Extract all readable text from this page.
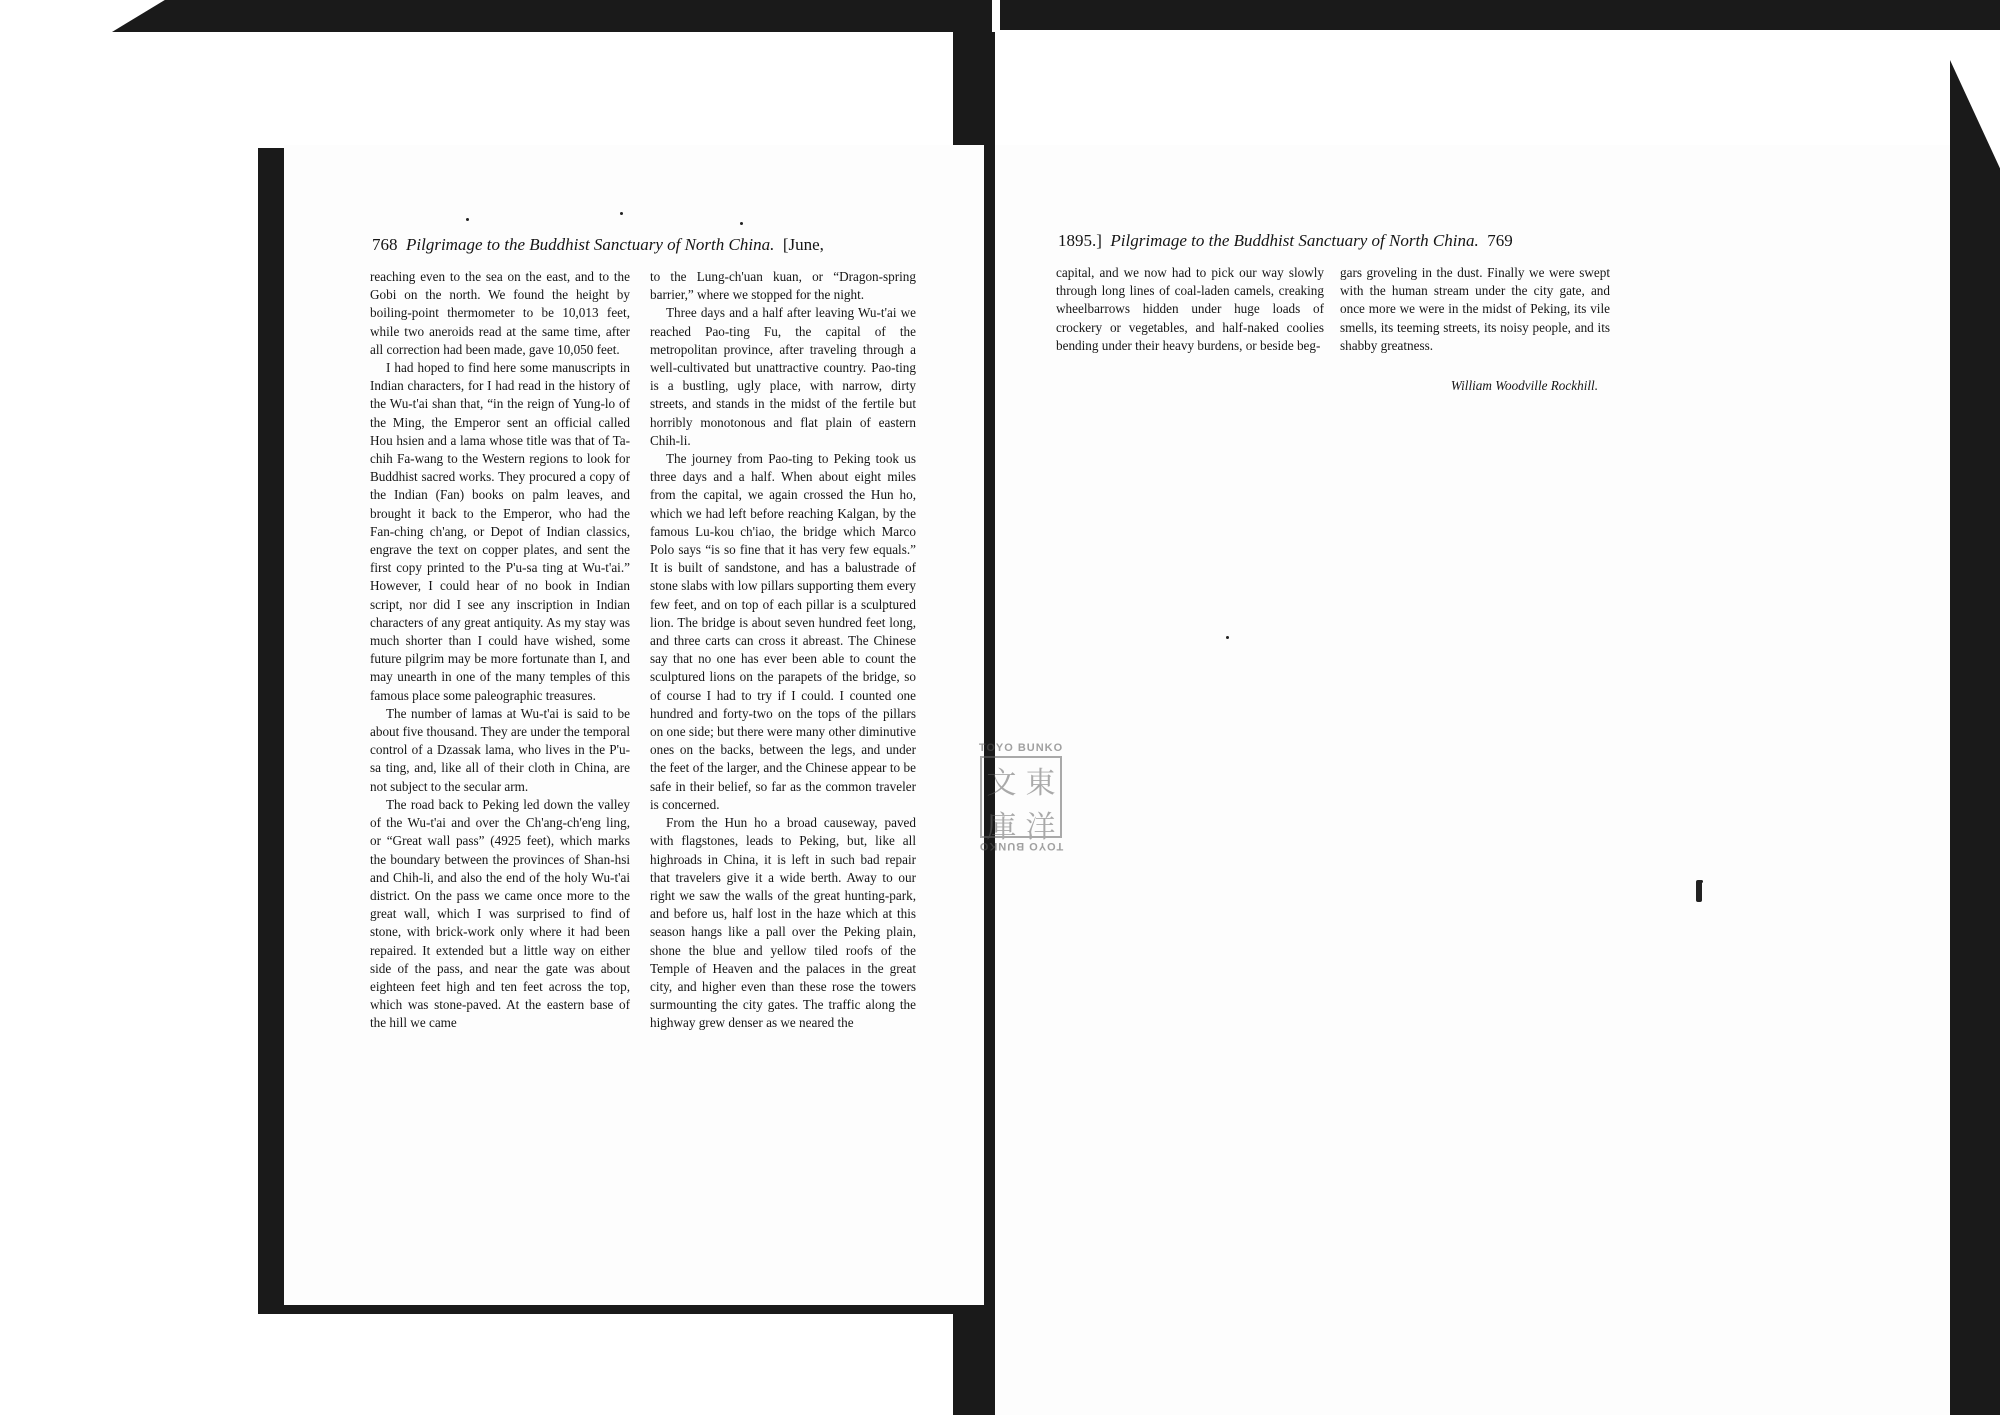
768 Pilgrimage to the Buddhist Sanctuary of North China. [June,

reaching even to the sea on the east, and to the Gobi on the north. We found the height by boiling-point thermometer to be 10,013 feet, while two aneroids read at the same time, after all correction had been made, gave 10,050 feet.

I had hoped to find here some manuscripts in Indian characters, for I had read in the history of the Wu-t'ai shan that, “in the reign of Yung-lo of the Ming, the Emperor sent an official called Hou hsien and a lama whose title was that of Ta-chih Fa-wang to the Western regions to look for Buddhist sacred works. They procured a copy of the Indian (Fan) books on palm leaves, and brought it back to the Emperor, who had the Fan-ching ch'ang, or Depot of Indian classics, engrave the text on copper plates, and sent the first copy printed to the P'u-sa ting at Wu-t'ai.” However, I could hear of no book in Indian script, nor did I see any inscription in Indian characters of any great antiquity. As my stay was much shorter than I could have wished, some future pilgrim may be more fortunate than I, and may unearth in one of the many temples of this famous place some paleographic treasures.

The number of lamas at Wu-t'ai is said to be about five thousand. They are under the temporal control of a Dzassak lama, who lives in the P'u-sa ting, and, like all of their cloth in China, are not subject to the secular arm.

The road back to Peking led down the valley of the Wu-t'ai and over the Ch'ang-ch'eng ling, or “Great wall pass” (4925 feet), which marks the boundary between the provinces of Shan-hsi and Chih-li, and also the end of the holy Wu-t'ai district. On the pass we came once more to the great wall, which I was surprised to find of stone, with brick-work only where it had been repaired. It extended but a little way on either side of the pass, and near the gate was about eighteen feet high and ten feet across the top, which was stone-paved. At the eastern base of the hill we came

to the Lung-ch'uan kuan, or “Dragon-spring barrier,” where we stopped for the night.

Three days and a half after leaving Wu-t'ai we reached Pao-ting Fu, the capital of the metropolitan province, after traveling through a well-cultivated but unattractive country. Pao-ting is a bustling, ugly place, with narrow, dirty streets, and stands in the midst of the fertile but horribly monotonous and flat plain of eastern Chih-li.

The journey from Pao-ting to Peking took us three days and a half. When about eight miles from the capital, we again crossed the Hun ho, which we had left before reaching Kalgan, by the famous Lu-kou ch'iao, the bridge which Marco Polo says “is so fine that it has very few equals.” It is built of sandstone, and has a balustrade of stone slabs with low pillars supporting them every few feet, and on top of each pillar is a sculptured lion. The bridge is about seven hundred feet long, and three carts can cross it abreast. The Chinese say that no one has ever been able to count the sculptured lions on the parapets of the bridge, so of course I had to try if I could. I counted one hundred and forty-two on the tops of the pillars on one side; but there were many other diminutive ones on the backs, between the legs, and under the feet of the larger, and the Chinese appear to be safe in their belief, so far as the common traveler is concerned.

From the Hun ho a broad causeway, paved with flagstones, leads to Peking, but, like all highroads in China, it is left in such bad repair that travelers give it a wide berth. Away to our right we saw the walls of the great hunting-park, and before us, half lost in the haze which at this season hangs like a pall over the Peking plain, shone the blue and yellow tiled roofs of the Temple of Heaven and the palaces in the great city, and higher even than these rose the towers surmounting the city gates. The traffic along the highway grew denser as we neared the

1895.] Pilgrimage to the Buddhist Sanctuary of North China. 769

capital, and we now had to pick our way slowly through long lines of coal-laden camels, creaking wheelbarrows hidden under huge loads of crockery or vegetables, and half-naked coolies bending under their heavy burdens, or beside beg-

gars groveling in the dust. Finally we were swept with the human stream under the city gate, and once more we were in the midst of Peking, its vile smells, its teeming streets, its noisy people, and its shabby greatness.

William Woodville Rockhill.
TOYO BUNKO
文 東
庫 洋
TOYO BUNKO
